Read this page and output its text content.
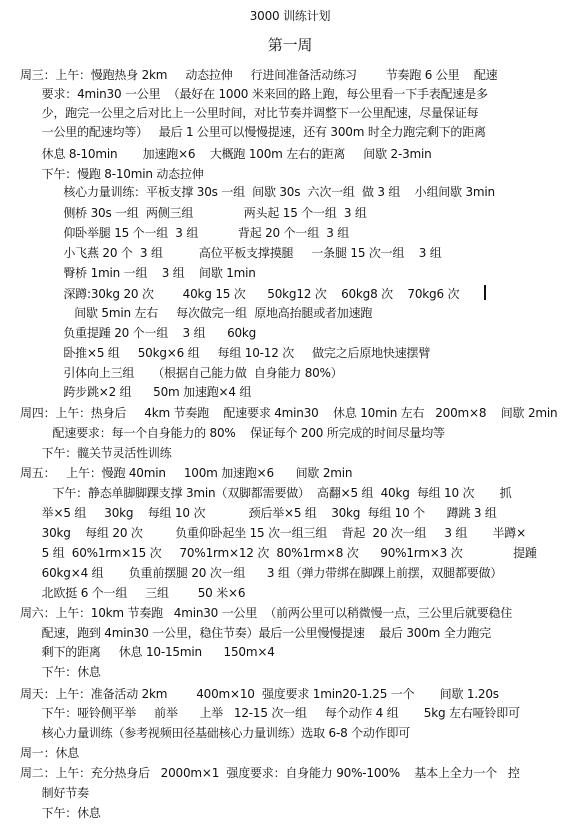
3000 训练计划
第一周
周三：上午：慢跑热身 2km     动态拉伸     行进间准备活动练习        节奏跑 6 公里    配速
要求：4min30 一公里  （最好在 1000 米来回的路上跑，每公里看一下手表配速是多
少，跑完一公里之后对比上一公里时间，对比节奏并调整下一公里配速，尽量保证每
一公里的配速均等）   最后 1 公里可以慢慢提速，还有 300m 时全力跑完剩下的距离
休息 8-10min       加速跑×6    大概跑 100m 左右的距离     间歇 2-3min
下午：慢跑 8-10min 动态拉伸
核心力量训练：平板支撑 30s 一组  间歇 30s  六次一组  做 3 组    小组间歇 3min
侧桥 30s 一组  两侧三组              两头起 15 个一组  3 组
仰卧举腿 15 个一组  3 组           背起 20 个一组  3 组
小飞燕 20 个  3 组          高位平板支撑摸腿     一条腿 15 次一组    3 组
臀桥 1min 一组    3 组    间歇 1min
深蹲:30kg 20 次        40kg 15 次      50kg12 次    60kg8 次    70kg6 次
间歇 5min 左右     每次做完一组  原地高抬腿或者加速跑
负重提踵 20 个一组    3 组      60kg
卧推×5 组     50kg×6 组     每组 10-12 次     做完之后原地快速摆臂
引体向上三组     （根据自己能力做  自身能力 80%）
跨步跳×2 组      50m 加速跑×4 组
周四：上午：热身后     4km 节奏跑    配速要求 4min30    休息 10min 左右   200m×8    间歇 2min
配速要求：每一个自身能力的 80%    保证每个 200 所完成的时间尽量均等
下午：髋关节灵活性训练
周五：   上午：慢跑 40min     100m 加速跑×6      间歇 2min
下午：静态单脚脚踝支撑 3min（双脚都需要做）  高翻×5 组  40kg  每组 10 次       抓
举×5 组     30kg    每组 10 次            颈后举×5 组    30kg  每组 10 个      蹲跳 3 组
30kg    每组 20 次         负重仰卧起坐 15 次一组三组    背起  20 次一组     3 组       半蹲×
5 组  60%1rm×15 次     70%1rm×12 次  80%1rm×8 次      90%1rm×3 次              提踵
60kg×4 组       负重前摆腿 20 次一组      3 组（弹力带绑在脚踝上前摆，双腿都要做）
北欧挺 6 个一组     三组        50 米×6
周六：上午：10km 节奏跑   4min30 一公里  （前两公里可以稍微慢一点，三公里后就要稳住
配速，跑到 4min30 一公里，稳住节奏）最后一公里慢慢提速    最后 300m 全力跑完
剩下的距离     休息 10-15min      150m×4
下午：休息
周天：上午：准备活动 2km        400m×10  强度要求 1min20-1.25 一个       间歇 1.20s
下午：哑铃侧平举     前举      上举   12-15 次一组     每个动作 4 组       5kg 左右哑铃即可
核心力量训练（参考视频田径基础核心力量训练）选取 6-8 个动作即可
周一：休息
周二：上午：充分热身后   2000m×1  强度要求：自身能力 90%-100%    基本上全力一个   控
制好节奏
下午：休息
